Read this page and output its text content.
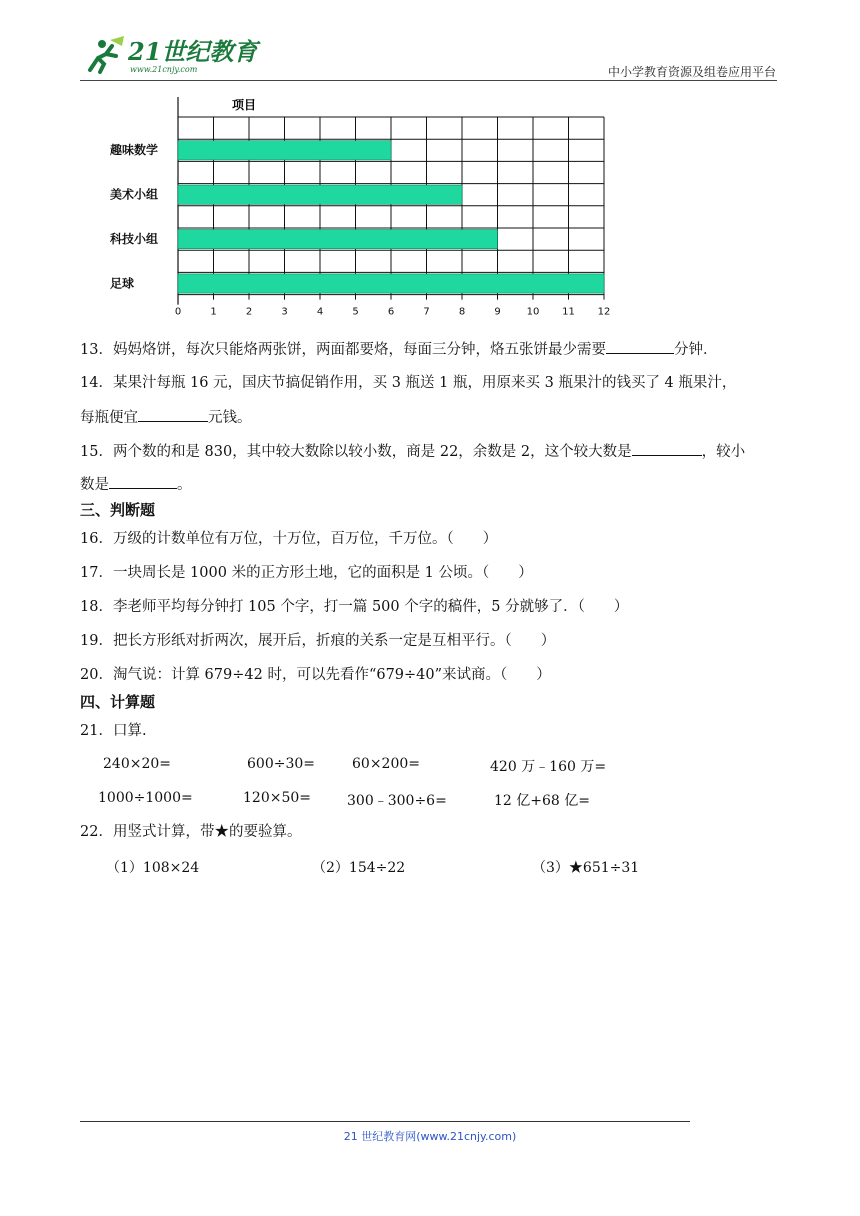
21世纪教育
www.21cnjy.com	中小学教育资源及组卷应用平台
趣味数学
美术小组
科技小组
足球
0	1	2	3	4	5	6	7	8	9	10 11 12
项目
13．妈妈烙饼，每次只能烙两张饼，两面都要烙，每面三分钟，烙五张饼最少需要	分钟．
14．某果汁每瓶 16 元，国庆节搞促销作用，买 3 瓶送 1 瓶，用原来买 3 瓶果汁的钱买了 4 瓶果汁，
每瓶便宜	元钱。
15．两个数的和是 830，其中较大数除以较小数，商是 22，余数是 2，这个较大数是	，较小
数是	。
三、判断题
16．万级的计数单位有万位，十万位，百万位，千万位。（　　）
17．一块周长是 1000 米的正方形土地，它的面积是 1 公顷。（　　）
18．李老师平均每分钟打 105 个字，打一篇 500 个字的稿件，5 分就够了．（　　）
19．把长方形纸对折两次，展开后，折痕的关系一定是互相平行。（　　）
20．淘气说：计算 679÷42 时，可以先看作“679÷40”来试商。（　　）
四、计算题
21．口算.
240×20=	600÷30=	60×200=	420 万﹣160 万=
1000÷1000=	120×50=	300﹣300÷6=	12 亿+68 亿=
22．用竖式计算，带★的要验算。
（1）108×24	（2）154÷22	（3）★651÷31
21 世纪教育网(www.21cnjy.com)
